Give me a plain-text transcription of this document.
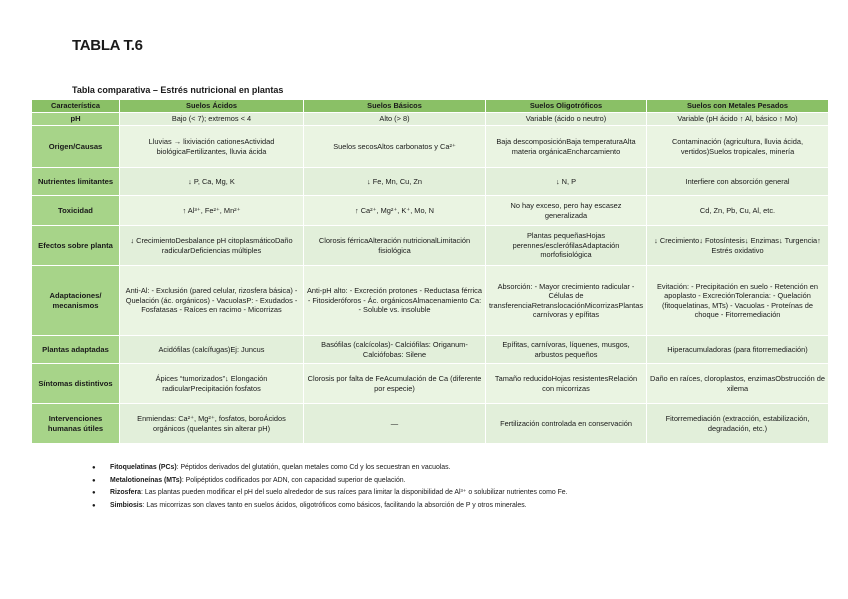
TABLA T.6
Tabla comparativa – Estrés nutricional en plantas
Característica	Suelos Ácidos	Suelos Básicos	Suelos Oligotróficos	Suelos con Metales Pesados
pH	Bajo (< 7); extremos < 4	Alto (> 8)	Variable (ácido o neutro)	Variable (pH ácido ↑ Al, básico ↑ Mo)
Origen/Causas	Lluvias → lixiviación cationesActividad biológicaFertilizantes, lluvia ácida	Suelos secosAltos carbonatos y Ca²⁺	Baja descomposiciónBaja temperaturaAlta materia orgánicaEncharcamiento	Contaminación (agricultura, lluvia ácida, vertidos)Suelos tropicales, minería
Nutrientes limitantes	↓ P, Ca, Mg, K	↓ Fe, Mn, Cu, Zn	↓ N, P	Interfiere con absorción general
Toxicidad	↑ Al³⁺, Fe²⁺, Mn²⁺	↑ Ca²⁺, Mg²⁺, K⁺, Mo, N	No hay exceso, pero hay escasez generalizada	Cd, Zn, Pb, Cu, Al, etc.
Efectos sobre planta	↓ CrecimientoDesbalance pH citoplasmáticoDaño radicularDeficiencias múltiples	Clorosis férricaAlteración nutricionalLimitación fisiológica	Plantas pequeñasHojas perennes/esclerófilasAdaptación morfofisiológica	↓ Crecimiento↓ Fotosíntesis↓ Enzimas↓ Turgencia↑ Estrés oxidativo
Adaptaciones/ mecanismos	Anti-Al: - Exclusión (pared celular, rizosfera básica) - Quelación (ác. orgánicos) - VacuolasP: - Exudados - Fosfatasas - Raíces en racimo - Micorrizas	Anti-pH alto: - Excreción protones - Reductasa férrica - Fitosideróforos - Ác. orgánicosAlmacenamiento Ca: - Soluble vs. insoluble	Absorción: - Mayor crecimiento radicular - Células de transferenciaRetranslocaciónMicorrizasPlantas carnívoras y epífitas	Evitación: - Precipitación en suelo - Retención en apoplasto - ExcreciónTolerancia: - Quelación (fitoquelatinas, MTs) - Vacuolas - Proteínas de choque - Fitorremediación
Plantas adaptadas	Acidófilas (calcífugas)Ej: Juncus	Basófilas (calcícolas)- Calciófilas: Origanum- Calciófobas: Silene	Epífitas, carnívoras, líquenes, musgos, arbustos pequeños	Hiperacumuladoras (para fitorremediación)
Síntomas distintivos	Ápices “tumorizados”↓ Elongación radicularPrecipitación fosfatos	Clorosis por falta de FeAcumulación de Ca (diferente por especie)	Tamaño reducidoHojas resistentesRelación con micorrizas	Daño en raíces, cloroplastos, enzimasObstrucción de xilema
Intervenciones humanas útiles	Enmiendas: Ca²⁺, Mg²⁺, fosfatos, boroÁcidos orgánicos (quelantes sin alterar pH)	—	Fertilización controlada en conservación	Fitorremediación (extracción, estabilización, degradación, etc.)
● Fitoquelatinas (PCs): Péptidos derivados del glutatión, quelan metales como Cd y los secuestran en vacuolas.
● Metalotioneínas (MTs): Polipéptidos codificados por ADN, con capacidad superior de quelación.
● Rizosfera: Las plantas pueden modificar el pH del suelo alrededor de sus raíces para limitar la disponibilidad de Al³⁺ o solubilizar nutrientes como Fe.
● Simbiosis: Las micorrizas son claves tanto en suelos ácidos, oligotróficos como básicos, facilitando la absorción de P y otros minerales.
